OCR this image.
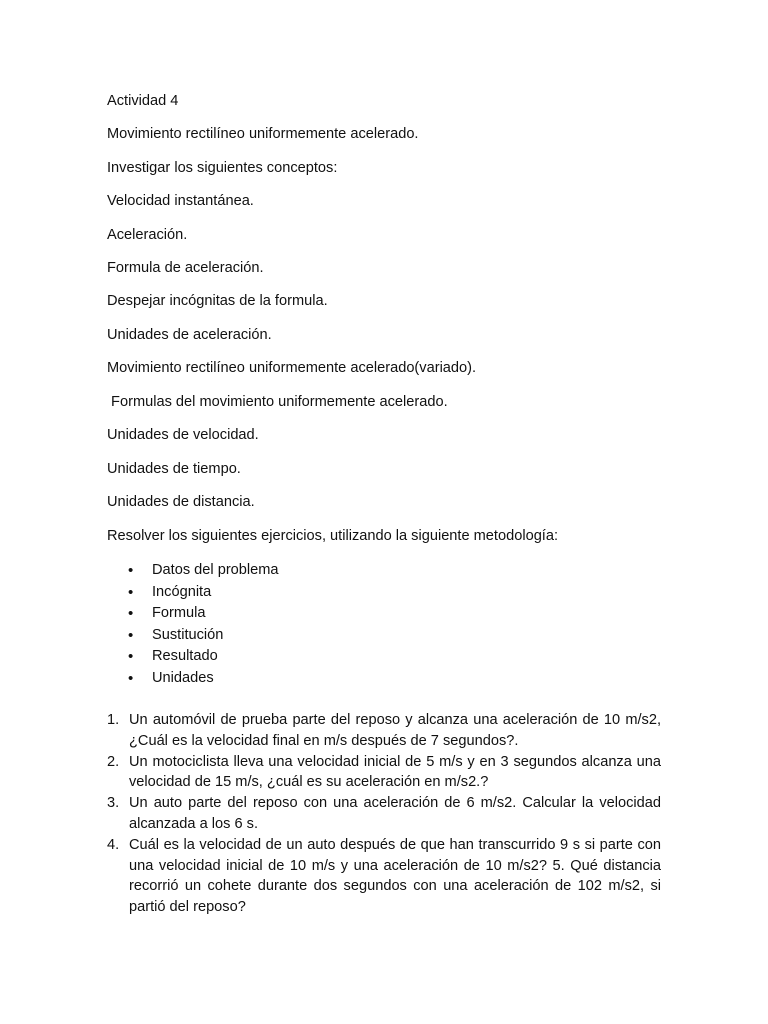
Actividad 4
Movimiento rectilíneo uniformemente acelerado.
Investigar los siguientes conceptos:
Velocidad instantánea.
Aceleración.
Formula de aceleración.
Despejar incógnitas de la formula.
Unidades de aceleración.
Movimiento rectilíneo uniformemente acelerado(variado).
Formulas del movimiento uniformemente acelerado.
Unidades de velocidad.
Unidades de tiempo.
Unidades de distancia.
Resolver los siguientes ejercicios, utilizando la siguiente metodología:
• Datos del problema
• Incógnita
• Formula
• Sustitución
• Resultado
• Unidades
1. Un automóvil de prueba parte del reposo y alcanza una aceleración de 10 m/s2, ¿Cuál es la velocidad final en m/s después de 7 segundos?.
2. Un motociclista lleva una velocidad inicial de 5 m/s y en 3 segundos alcanza una velocidad de 15 m/s, ¿cuál es su aceleración en m/s2.?
3. Un auto parte del reposo con una aceleración de 6 m/s2. Calcular la velocidad alcanzada a los 6 s.
4. Cuál es la velocidad de un auto después de que han transcurrido 9 s si parte con una velocidad inicial de 10 m/s y una aceleración de 10 m/s2? 5. Qué distancia recorrió un cohete durante dos segundos con una aceleración de 102 m/s2, si partió del reposo?
